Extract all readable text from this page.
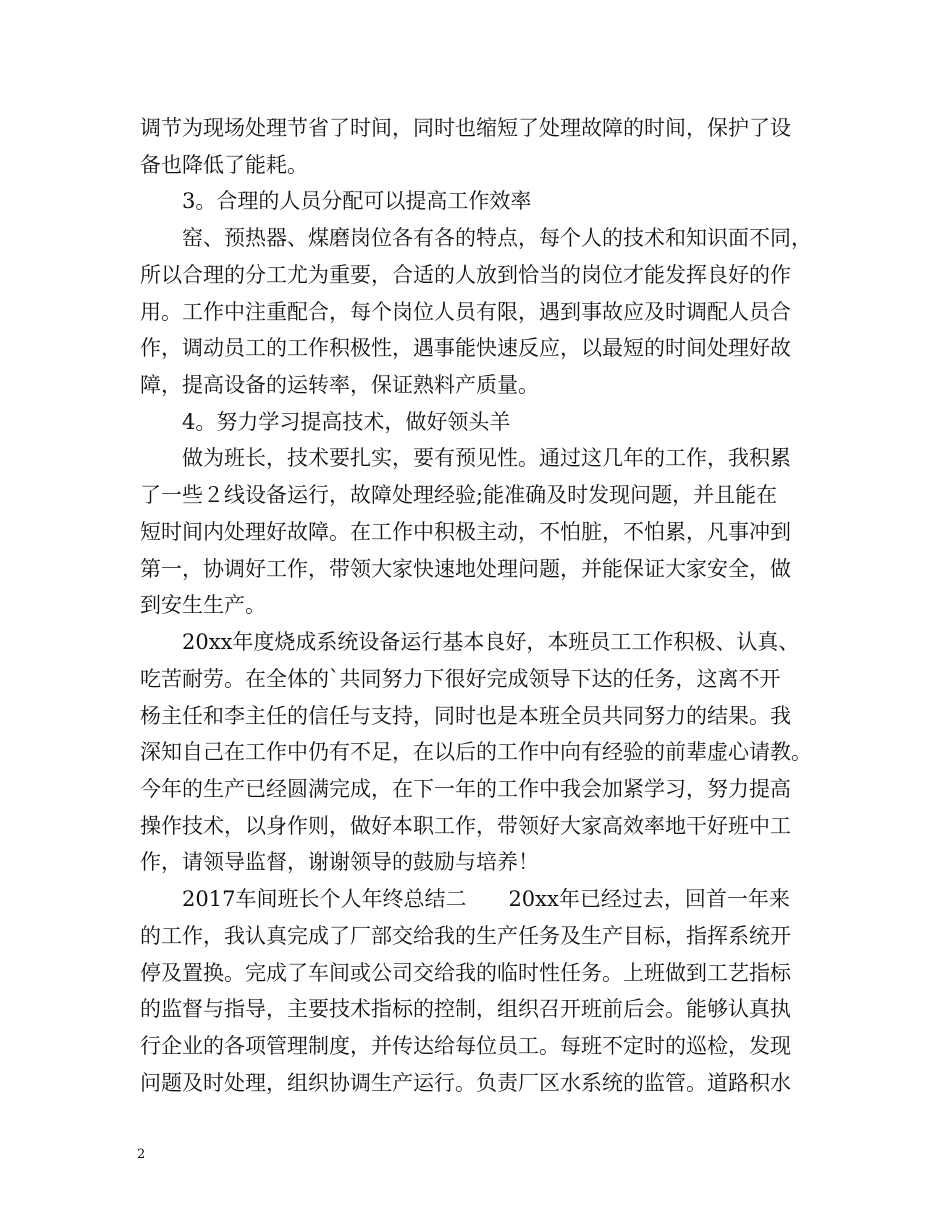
调节为现场处理节省了时间，同时也缩短了处理故障的时间，保护了设
备也降低了能耗。
3。合理的人员分配可以提高工作效率
窑、预热器、煤磨岗位各有各的特点，每个人的技术和知识面不同，
所以合理的分工尤为重要，合适的人放到恰当的岗位才能发挥良好的作
用。工作中注重配合，每个岗位人员有限，遇到事故应及时调配人员合
作，调动员工的工作积极性，遇事能快速反应，以最短的时间处理好故
障，提高设备的运转率，保证熟料产质量。
4。努力学习提高技术，做好领头羊
做为班长，技术要扎实，要有预见性。通过这几年的工作，我积累
了一些２线设备运行，故障处理经验;能准确及时发现问题，并且能在
短时间内处理好故障。在工作中积极主动，不怕脏，不怕累，凡事冲到
第一，协调好工作，带领大家快速地处理问题，并能保证大家安全，做
到安生生产。
20xx年度烧成系统设备运行基本良好，本班员工工作积极、认真、
吃苦耐劳。在全体的`共同努力下很好完成领导下达的任务，这离不开
杨主任和李主任的信任与支持，同时也是本班全员共同努力的结果。我
深知自己在工作中仍有不足，在以后的工作中向有经验的前辈虚心请教。
今年的生产已经圆满完成，在下一年的工作中我会加紧学习，努力提高
操作技术，以身作则，做好本职工作，带领好大家高效率地干好班中工
作，请领导监督，谢谢领导的鼓励与培养！
2017车间班长个人年终总结二　　20xx年已经过去，回首一年来
的工作，我认真完成了厂部交给我的生产任务及生产目标，指挥系统开
停及置换。完成了车间或公司交给我的临时性任务。上班做到工艺指标
的监督与指导，主要技术指标的控制，组织召开班前后会。能够认真执
行企业的各项管理制度，并传达给每位员工。每班不定时的巡检，发现
问题及时处理，组织协调生产运行。负责厂区水系统的监管。道路积水
2
